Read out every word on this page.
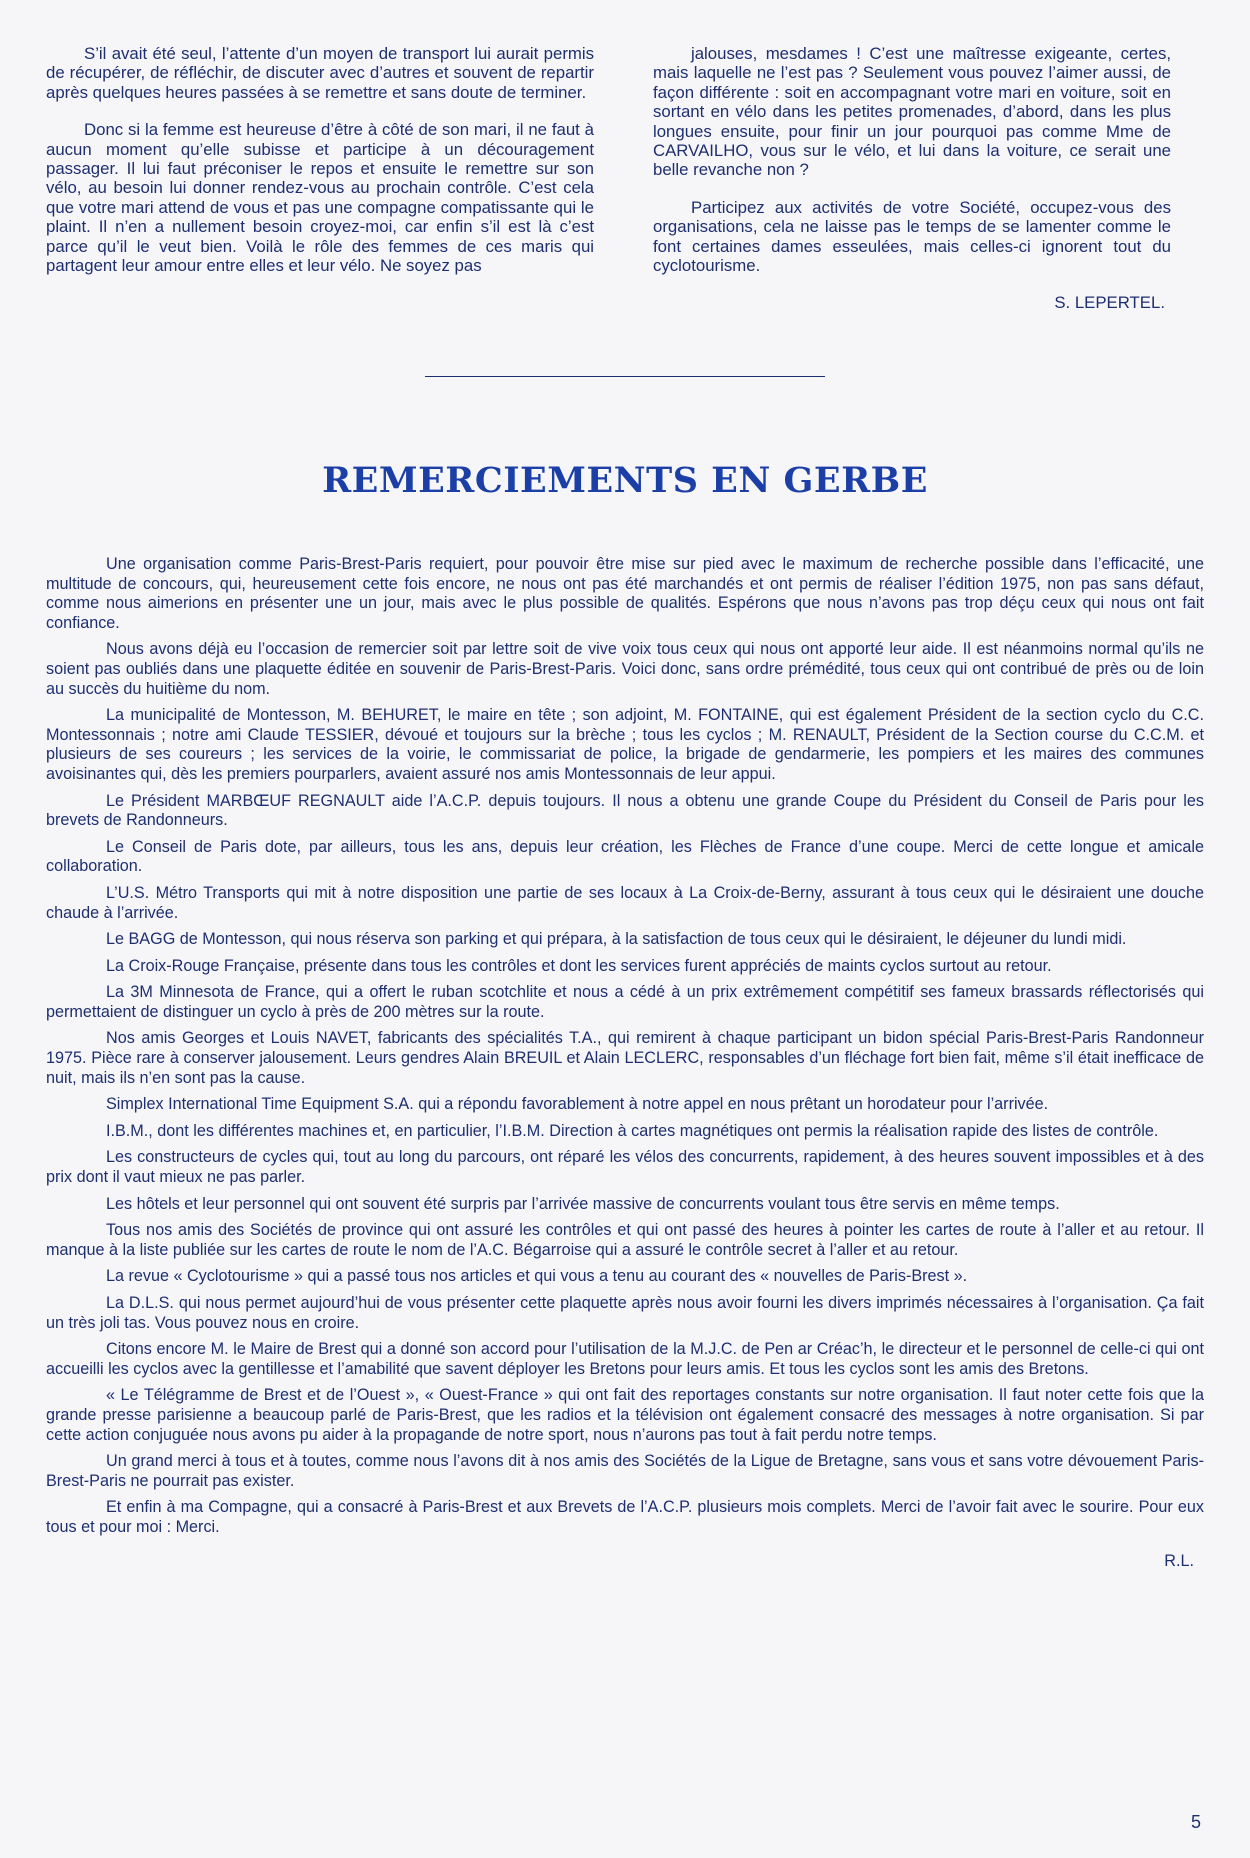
S’il avait été seul, l’attente d’un moyen de transport lui aurait permis de récupérer, de réfléchir, de discuter avec d’autres et souvent de repartir après quelques heures passées à se remettre et sans doute de terminer.

Donc si la femme est heureuse d’être à côté de son mari, il ne faut à aucun moment qu’elle subisse et participe à un découragement passager. Il lui faut préconiser le repos et ensuite le remettre sur son vélo, au besoin lui donner rendez-vous au prochain contrôle. C’est cela que votre mari attend de vous et pas une compagne compatissante qui le plaint. Il n’en a nullement besoin croyez-moi, car enfin s’il est là c’est parce qu’il le veut bien. Voilà le rôle des femmes de ces maris qui partagent leur amour entre elles et leur vélo. Ne soyez pas

jalouses, mesdames ! C’est une maîtresse exigeante, certes, mais laquelle ne l’est pas ? Seulement vous pouvez l’aimer aussi, de façon différente : soit en accompagnant votre mari en voiture, soit en sortant en vélo dans les petites promenades, d’abord, dans les plus longues ensuite, pour finir un jour pourquoi pas comme Mme de CARVAILHO, vous sur le vélo, et lui dans la voiture, ce serait une belle revanche non ?

Participez aux activités de votre Société, occupez-vous des organisations, cela ne laisse pas le temps de se lamenter comme le font certaines dames esseulées, mais celles-ci ignorent tout du cyclotourisme.

S. LEPERTEL.

REMERCIEMENTS EN GERBE

Une organisation comme Paris-Brest-Paris requiert, pour pouvoir être mise sur pied avec le maximum de recherche possible dans l’efficacité, une multitude de concours, qui, heureusement cette fois encore, ne nous ont pas été marchandés et ont permis de réaliser l’édition 1975, non pas sans défaut, comme nous aimerions en présenter une un jour, mais avec le plus possible de qualités. Espérons que nous n’avons pas trop déçu ceux qui nous ont fait confiance.

Nous avons déjà eu l’occasion de remercier soit par lettre soit de vive voix tous ceux qui nous ont apporté leur aide. Il est néanmoins normal qu’ils ne soient pas oubliés dans une plaquette éditée en souvenir de Paris-Brest-Paris. Voici donc, sans ordre prémédité, tous ceux qui ont contribué de près ou de loin au succès du huitième du nom.

La municipalité de Montesson, M. BEHURET, le maire en tête ; son adjoint, M. FONTAINE, qui est également Président de la section cyclo du C.C. Montessonnais ; notre ami Claude TESSIER, dévoué et toujours sur la brèche ; tous les cyclos ; M. RENAULT, Président de la Section course du C.C.M. et plusieurs de ses coureurs ; les services de la voirie, le commissariat de police, la brigade de gendarmerie, les pompiers et les maires des communes avoisinantes qui, dès les premiers pourparlers, avaient assuré nos amis Montessonnais de leur appui.

Le Président MARBŒUF REGNAULT aide l’A.C.P. depuis toujours. Il nous a obtenu une grande Coupe du Président du Conseil de Paris pour les brevets de Randonneurs.

Le Conseil de Paris dote, par ailleurs, tous les ans, depuis leur création, les Flèches de France d’une coupe. Merci de cette longue et amicale collaboration.

L’U.S. Métro Transports qui mit à notre disposition une partie de ses locaux à La Croix-de-Berny, assurant à tous ceux qui le désiraient une douche chaude à l’arrivée.

Le BAGG de Montesson, qui nous réserva son parking et qui prépara, à la satisfaction de tous ceux qui le désiraient, le déjeuner du lundi midi.

La Croix-Rouge Française, présente dans tous les contrôles et dont les services furent appréciés de maints cyclos surtout au retour.

La 3M Minnesota de France, qui a offert le ruban scotchlite et nous a cédé à un prix extrêmement compétitif ses fameux brassards réflectorisés qui permettaient de distinguer un cyclo à près de 200 mètres sur la route.

Nos amis Georges et Louis NAVET, fabricants des spécialités T.A., qui remirent à chaque participant un bidon spécial Paris-Brest-Paris Randonneur 1975. Pièce rare à conserver jalousement. Leurs gendres Alain BREUIL et Alain LECLERC, responsables d’un fléchage fort bien fait, même s’il était inefficace de nuit, mais ils n’en sont pas la cause.

Simplex International Time Equipment S.A. qui a répondu favorablement à notre appel en nous prêtant un horodateur pour l’arrivée.

I.B.M., dont les différentes machines et, en particulier, l’I.B.M. Direction à cartes magnétiques ont permis la réalisation rapide des listes de contrôle.

Les constructeurs de cycles qui, tout au long du parcours, ont réparé les vélos des concurrents, rapidement, à des heures souvent impossibles et à des prix dont il vaut mieux ne pas parler.

Les hôtels et leur personnel qui ont souvent été surpris par l’arrivée massive de concurrents voulant tous être servis en même temps.

Tous nos amis des Sociétés de province qui ont assuré les contrôles et qui ont passé des heures à pointer les cartes de route à l’aller et au retour. Il manque à la liste publiée sur les cartes de route le nom de l’A.C. Bégarroise qui a assuré le contrôle secret à l’aller et au retour.

La revue « Cyclotourisme » qui a passé tous nos articles et qui vous a tenu au courant des « nouvelles de Paris-Brest ».

La D.L.S. qui nous permet aujourd’hui de vous présenter cette plaquette après nous avoir fourni les divers imprimés nécessaires à l’organisation. Ça fait un très joli tas. Vous pouvez nous en croire.

Citons encore M. le Maire de Brest qui a donné son accord pour l’utilisation de la M.J.C. de Pen ar Créac’h, le directeur et le personnel de celle-ci qui ont accueilli les cyclos avec la gentillesse et l’amabilité que savent déployer les Bretons pour leurs amis. Et tous les cyclos sont les amis des Bretons.

« Le Télégramme de Brest et de l’Ouest », « Ouest-France » qui ont fait des reportages constants sur notre organisation. Il faut noter cette fois que la grande presse parisienne a beaucoup parlé de Paris-Brest, que les radios et la télévision ont également consacré des messages à notre organisation. Si par cette action conjuguée nous avons pu aider à la propagande de notre sport, nous n’aurons pas tout à fait perdu notre temps.

Un grand merci à tous et à toutes, comme nous l’avons dit à nos amis des Sociétés de la Ligue de Bretagne, sans vous et sans votre dévouement Paris-Brest-Paris ne pourrait pas exister.

Et enfin à ma Compagne, qui a consacré à Paris-Brest et aux Brevets de l’A.C.P. plusieurs mois complets. Merci de l’avoir fait avec le sourire. Pour eux tous et pour moi : Merci.

R.L.

5
